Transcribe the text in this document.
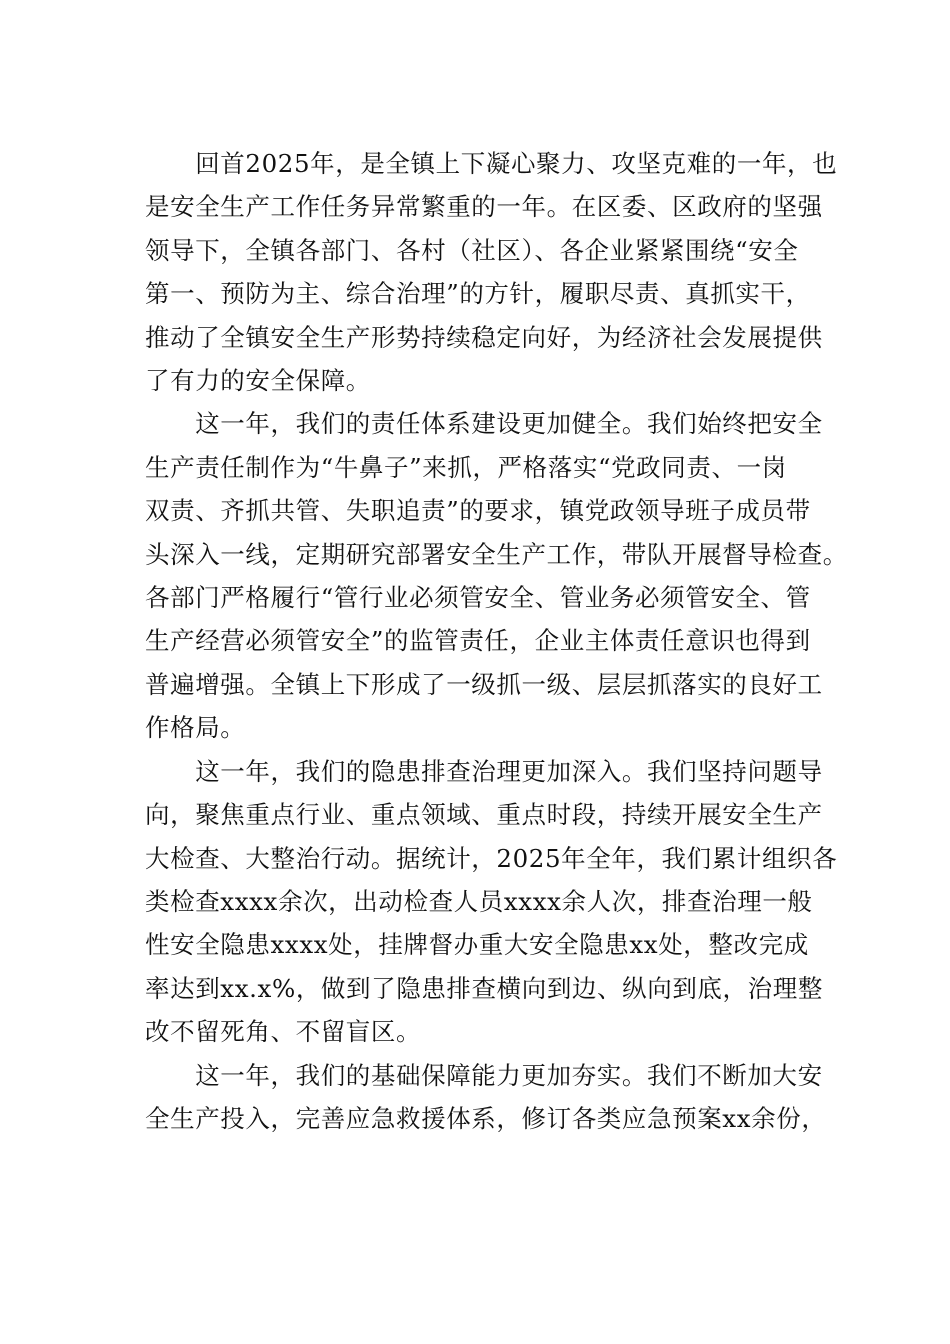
　　回首2025年，是全镇上下凝心聚力、攻坚克难的一年，也
是安全生产工作任务异常繁重的一年。在区委、区政府的坚强
领导下，全镇各部门、各村（社区）、各企业紧紧围绕“安全
第一、预防为主、综合治理”的方针，履职尽责、真抓实干，
推动了全镇安全生产形势持续稳定向好，为经济社会发展提供
了有力的安全保障。

　　这一年，我们的责任体系建设更加健全。我们始终把安全
生产责任制作为“牛鼻子”来抓，严格落实“党政同责、一岗
双责、齐抓共管、失职追责”的要求，镇党政领导班子成员带
头深入一线，定期研究部署安全生产工作，带队开展督导检查。
各部门严格履行“管行业必须管安全、管业务必须管安全、管
生产经营必须管安全”的监管责任，企业主体责任意识也得到
普遍增强。全镇上下形成了一级抓一级、层层抓落实的良好工
作格局。

　　这一年，我们的隐患排查治理更加深入。我们坚持问题导
向，聚焦重点行业、重点领域、重点时段，持续开展安全生产
大检查、大整治行动。据统计，2025年全年，我们累计组织各
类检查xxxx余次，出动检查人员xxxx余人次，排查治理一般
性安全隐患xxxx处，挂牌督办重大安全隐患xx处，整改完成
率达到xx.x%，做到了隐患排查横向到边、纵向到底，治理整
改不留死角、不留盲区。

　　这一年，我们的基础保障能力更加夯实。我们不断加大安
全生产投入，完善应急救援体系，修订各类应急预案xx余份，
